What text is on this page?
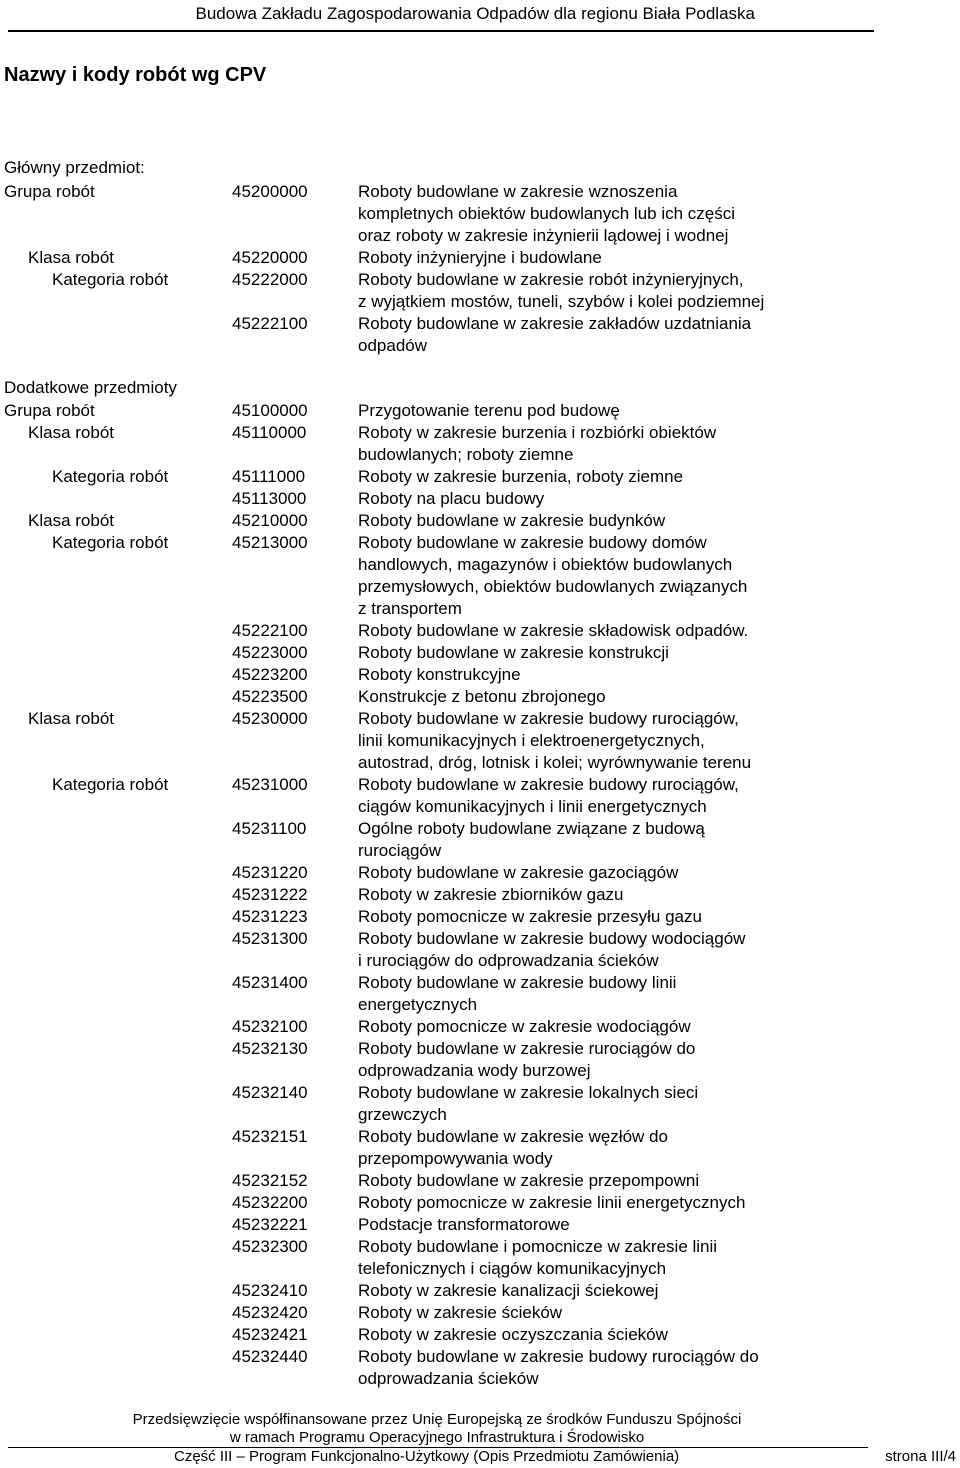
Budowa Zakładu Zagospodarowania Odpadów dla regionu Biała Podlaska
Nazwy i kody robót wg CPV
Główny przedmiot:
Grupa robót	45200000	Roboty budowlane w zakresie wznoszenia
kompletnych obiektów budowlanych lub ich części
oraz roboty w zakresie inżynierii lądowej i wodnej
Klasa robót	45220000	Roboty inżynieryjne i budowlane
Kategoria robót	45222000	Roboty budowlane w zakresie robót inżynieryjnych,
z wyjątkiem mostów, tuneli, szybów i kolei podziemnej
45222100	Roboty budowlane w zakresie zakładów uzdatniania
odpadów
Dodatkowe przedmioty
Grupa robót	45100000	Przygotowanie terenu pod budowę
Klasa robót	45110000	Roboty w zakresie burzenia i rozbiórki obiektów
budowlanych; roboty ziemne
Kategoria robót	45111000	Roboty w zakresie burzenia, roboty ziemne
45113000	Roboty na placu budowy
Klasa robót	45210000	Roboty budowlane w zakresie budynków
Kategoria robót	45213000	Roboty budowlane w zakresie budowy domów
handlowych, magazynów i obiektów budowlanych
przemysłowych, obiektów budowlanych związanych
z transportem
45222100	Roboty budowlane w zakresie składowisk odpadów.
45223000	Roboty budowlane w zakresie konstrukcji
45223200	Roboty konstrukcyjne
45223500	Konstrukcje z betonu zbrojonego
Klasa robót	45230000	Roboty budowlane w zakresie budowy rurociągów,
linii komunikacyjnych i elektroenergetycznych,
autostrad, dróg, lotnisk i kolei; wyrównywanie terenu
Kategoria robót	45231000	Roboty budowlane w zakresie budowy rurociągów,
ciągów komunikacyjnych i linii energetycznych
45231100	Ogólne roboty budowlane związane z budową
rurociągów
45231220	Roboty budowlane w zakresie gazociągów
45231222	Roboty w zakresie zbiorników gazu
45231223	Roboty pomocnicze w zakresie przesyłu gazu
45231300	Roboty budowlane w zakresie budowy wodociągów
i rurociągów do odprowadzania ścieków
45231400	Roboty budowlane w zakresie budowy linii
energetycznych
45232100	Roboty pomocnicze w zakresie wodociągów
45232130	Roboty budowlane w zakresie rurociągów do
odprowadzania wody burzowej
45232140	Roboty budowlane w zakresie lokalnych sieci
grzewczych
45232151	Roboty budowlane w zakresie węzłów do
przepompowywania wody
45232152	Roboty budowlane w zakresie przepompowni
45232200	Roboty pomocnicze w zakresie linii energetycznych
45232221	Podstacje transformatorowe
45232300	Roboty budowlane i pomocnicze w zakresie linii
telefonicznych i ciągów komunikacyjnych
45232410	Roboty w zakresie kanalizacji ściekowej
45232420	Roboty w zakresie ścieków
45232421	Roboty w zakresie oczyszczania ścieków
45232440	Roboty budowlane w zakresie budowy rurociągów do
odprowadzania ścieków
Przedsięwzięcie współfinansowane przez Unię Europejską ze środków Funduszu Spójności
w ramach Programu Operacyjnego Infrastruktura i Środowisko
Część III – Program Funkcjonalno-Użytkowy (Opis Przedmiotu Zamówienia)	strona III/4
